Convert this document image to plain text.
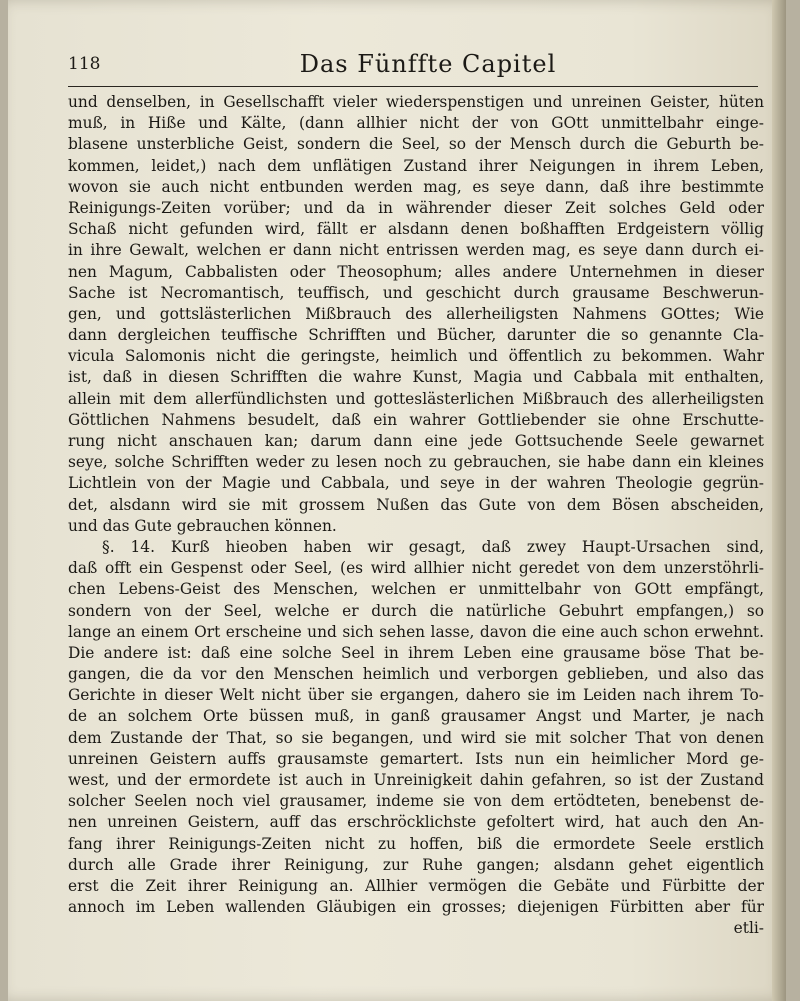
118	Das Fünffte Capitel
und denselben, in Gesellschafft vieler wiederspenstigen und unreinen Geister, hüten
muß, in Hiße und Kälte, (dann allhier nicht der von GOtt unmittelbahr einge-
blasene unsterbliche Geist, sondern die Seel, so der Mensch durch die Geburth be-
kommen, leidet,) nach dem unflätigen Zustand ihrer Neigungen in ihrem Leben,
wovon sie auch nicht entbunden werden mag, es seye dann, daß ihre bestimmte
Reinigungs-Zeiten vorüber; und da in währender dieser Zeit solches Geld oder
Schaß nicht gefunden wird, fällt er alsdann denen boßhafften Erdgeistern völlig
in ihre Gewalt, welchen er dann nicht entrissen werden mag, es seye dann durch ei-
nen Magum, Cabbalisten oder Theosophum; alles andere Unternehmen in dieser
Sache ist Necromantisch, teuffisch, und geschicht durch grausame Beschwerun-
gen, und gottslästerlichen Mißbrauch des allerheiligsten Nahmens GOttes; Wie
dann dergleichen teuffische Schrifften und Bücher, darunter die so genannte Cla-
vicula Salomonis nicht die geringste, heimlich und öffentlich zu bekommen. Wahr
ist, daß in diesen Schrifften die wahre Kunst, Magia und Cabbala mit enthalten,
allein mit dem allerfündlichsten und gotteslästerlichen Mißbrauch des allerheiligsten
Göttlichen Nahmens besudelt, daß ein wahrer Gottliebender sie ohne Erschutte-
rung nicht anschauen kan; darum dann eine jede Gottsuchende Seele gewarnet
seye, solche Schrifften weder zu lesen noch zu gebrauchen, sie habe dann ein kleines
Lichtlein von der Magie und Cabbala, und seye in der wahren Theologie gegrün-
det, alsdann wird sie mit grossem Nußen das Gute von dem Bösen abscheiden,
und das Gute gebrauchen können.
§. 14. Kurß hieoben haben wir gesagt, daß zwey Haupt-Ursachen sind,
daß offt ein Gespenst oder Seel, (es wird allhier nicht geredet von dem unzerstöhrli-
chen Lebens-Geist des Menschen, welchen er unmittelbahr von GOtt empfängt,
sondern von der Seel, welche er durch die natürliche Gebuhrt empfangen,) so
lange an einem Ort erscheine und sich sehen lasse, davon die eine auch schon erwehnt.
Die andere ist: daß eine solche Seel in ihrem Leben eine grausame böse That be-
gangen, die da vor den Menschen heimlich und verborgen geblieben, und also das
Gerichte in dieser Welt nicht über sie ergangen, dahero sie im Leiden nach ihrem To-
de an solchem Orte büssen muß, in ganß grausamer Angst und Marter, je nach
dem Zustande der That, so sie begangen, und wird sie mit solcher That von denen
unreinen Geistern auffs grausamste gemartert. Ists nun ein heimlicher Mord ge-
west, und der ermordete ist auch in Unreinigkeit dahin gefahren, so ist der Zustand
solcher Seelen noch viel grausamer, indeme sie von dem ertödteten, benebenst de-
nen unreinen Geistern, auff das erschröcklichste gefoltert wird, hat auch den An-
fang ihrer Reinigungs-Zeiten nicht zu hoffen, biß die ermordete Seele erstlich
durch alle Grade ihrer Reinigung, zur Ruhe gangen; alsdann gehet eigentlich
erst die Zeit ihrer Reinigung an. Allhier vermögen die Gebäte und Fürbitte der
annoch im Leben wallenden Gläubigen ein grosses; diejenigen Fürbitten aber für
etli-
